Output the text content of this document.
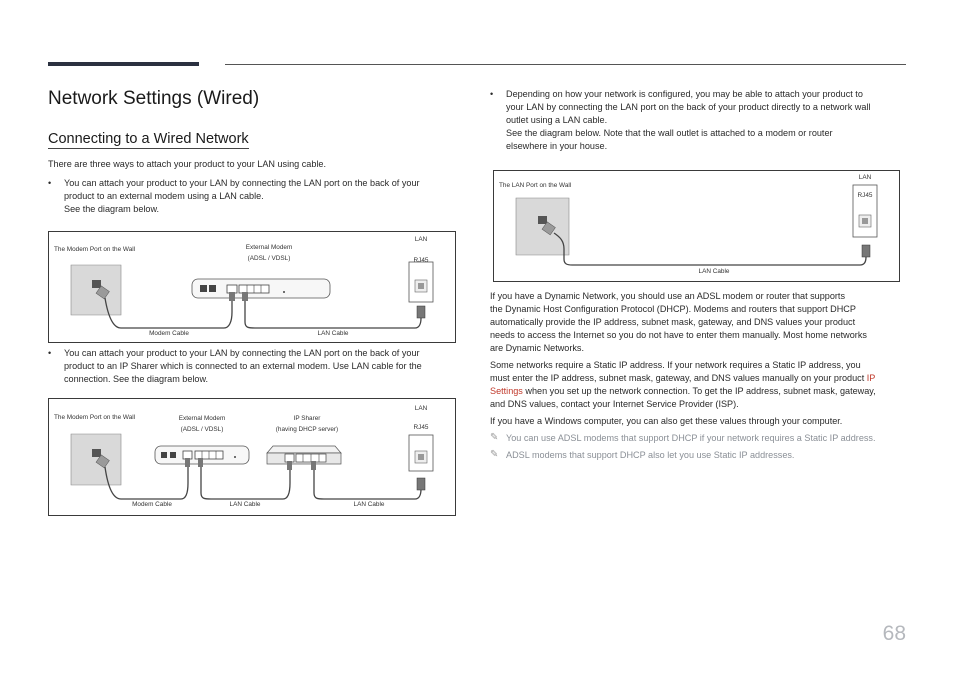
Network Settings (Wired)
Connecting to a Wired Network
There are three ways to attach your product to your LAN using cable.
• You can attach your product to your LAN by connecting the LAN port on the back of your
product to an external modem using a LAN cable.
See the diagram below.
The Modem Port on the Wall	External Modem
(ADSL / VDSL)
LAN
RJ45
Modem Cable	LAN Cable
• You can attach your product to your LAN by connecting the LAN port on the back of your
product to an IP Sharer which is connected to an external modem. Use LAN cable for the
connection. See the diagram below.
The Modem Port on the Wall	External Modem
(ADSL / VDSL)
IP Sharer
(having DHCP server)
LAN
RJ45
Modem Cable	LAN Cable	LAN Cable
• Depending on how your network is configured, you may be able to attach your product to
your LAN by connecting the LAN port on the back of your product directly to a network wall
outlet using a LAN cable.
See the diagram below. Note that the wall outlet is attached to a modem or router
elsewhere in your house.
The LAN Port on the Wall
LAN
RJ45
LAN Cable
If you have a Dynamic Network, you should use an ADSL modem or router that supports
the Dynamic Host Configuration Protocol (DHCP). Modems and routers that support DHCP
automatically provide the IP address, subnet mask, gateway, and DNS values your product
needs to access the Internet so you do not have to enter them manually. Most home networks
are Dynamic Networks.
Some networks require a Static IP address. If your network requires a Static IP address, you
must enter the IP address, subnet mask, gateway, and DNS values manually on your product IP
Settings when you set up the network connection. To get the IP address, subnet mask, gateway,
and DNS values, contact your Internet Service Provider (ISP).
If you have a Windows computer, you can also get these values through your computer.
✎ You can use ADSL modems that support DHCP if your network requires a Static IP address.
✎ ADSL modems that support DHCP also let you use Static IP addresses.
68
